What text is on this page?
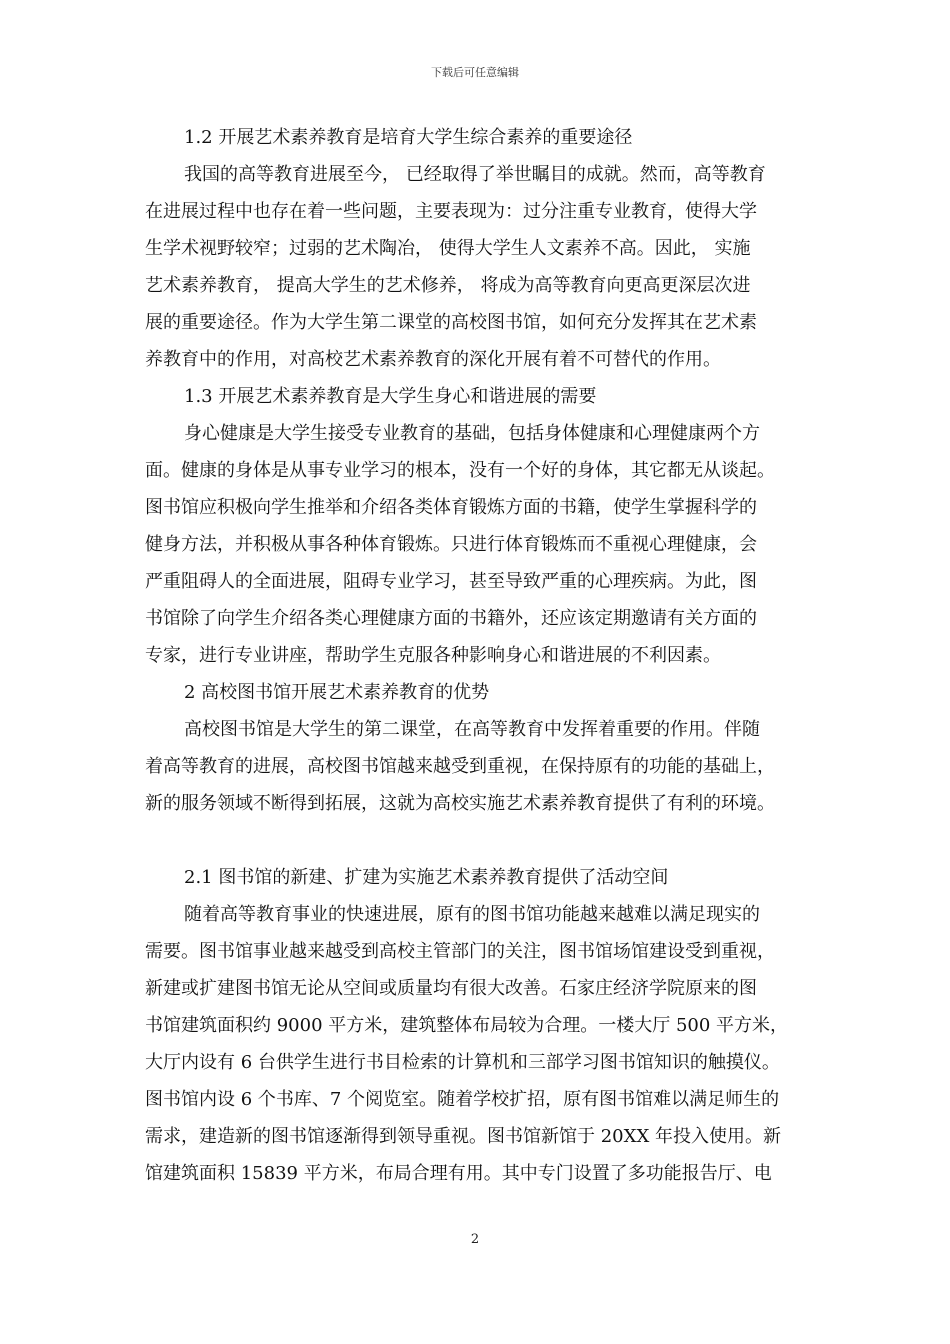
下载后可任意编辑
1.2 开展艺术素养教育是培育大学生综合素养的重要途径
我国的高等教育进展至今， 已经取得了举世瞩目的成就。然而，高等教育
在进展过程中也存在着一些问题，主要表现为：过分注重专业教育，使得大学
生学术视野较窄；过弱的艺术陶冶， 使得大学生人文素养不高。因此， 实施
艺术素养教育， 提高大学生的艺术修养， 将成为高等教育向更高更深层次进
展的重要途径。作为大学生第二课堂的高校图书馆，如何充分发挥其在艺术素
养教育中的作用，对高校艺术素养教育的深化开展有着不可替代的作用。
1.3 开展艺术素养教育是大学生身心和谐进展的需要
身心健康是大学生接受专业教育的基础，包括身体健康和心理健康两个方
面。健康的身体是从事专业学习的根本，没有一个好的身体，其它都无从谈起。
图书馆应积极向学生推举和介绍各类体育锻炼方面的书籍，使学生掌握科学的
健身方法，并积极从事各种体育锻炼。只进行体育锻炼而不重视心理健康，会
严重阻碍人的全面进展，阻碍专业学习，甚至导致严重的心理疾病。为此，图
书馆除了向学生介绍各类心理健康方面的书籍外，还应该定期邀请有关方面的
专家，进行专业讲座，帮助学生克服各种影响身心和谐进展的不利因素。
2 高校图书馆开展艺术素养教育的优势
高校图书馆是大学生的第二课堂，在高等教育中发挥着重要的作用。伴随
着高等教育的进展，高校图书馆越来越受到重视，在保持原有的功能的基础上，
新的服务领域不断得到拓展，这就为高校实施艺术素养教育提供了有利的环境。
2.1 图书馆的新建、扩建为实施艺术素养教育提供了活动空间
随着高等教育事业的快速进展，原有的图书馆功能越来越难以满足现实的
需要。图书馆事业越来越受到高校主管部门的关注，图书馆场馆建设受到重视，
新建或扩建图书馆无论从空间或质量均有很大改善。石家庄经济学院原来的图
书馆建筑面积约 9000 平方米，建筑整体布局较为合理。一楼大厅 500 平方米，
大厅内设有 6 台供学生进行书目检索的计算机和三部学习图书馆知识的触摸仪。
图书馆内设 6 个书库、7 个阅览室。随着学校扩招，原有图书馆难以满足师生的
需求，建造新的图书馆逐渐得到领导重视。图书馆新馆于 20XX 年投入使用。新
馆建筑面积 15839 平方米，布局合理有用。其中专门设置了多功能报告厅、电
2
